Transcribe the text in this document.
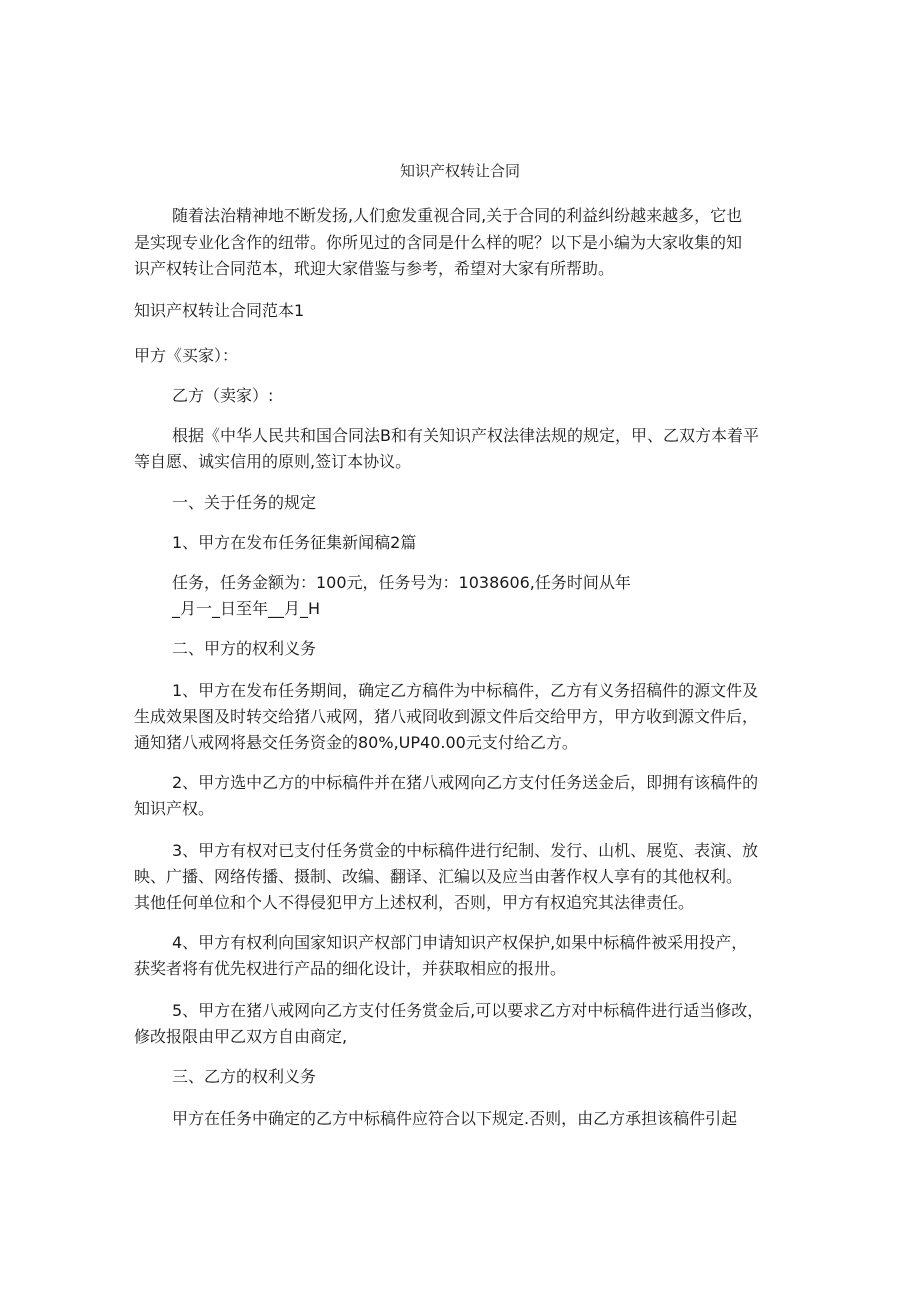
知识产权转让合同
随着法治精神地不断发扬,人们愈发重视合同,关于合同的利益纠纷越来越多，它也
是实现专业化含作的纽带。你所见过的含同是什么样的呢？以下是小编为大家收集的知
识产权转让合同范本，玳迎大家借鉴与参考，希望对大家有所帮助。
知识产权转让合同范本1
甲方《买家）：
乙方（卖家）:
根据《中华人民共和国合同法B和有关知识产权法律法规的规定，甲、乙双方本着平
等自愿、诚实信用的原则,签订本协议。
一、关于任务的规定
1、甲方在发布任务征集新闻稿2篇
任务，任务金额为：100元，任务号为：1038606,任务时间从年
_月一_日至年__月_H
二、甲方的权利义务
1、甲方在发布任务期间，确定乙方稿件为中标稿件，乙方有义务招稿件的源文件及
生成效果图及时转交给猪八戒网，猪八戒冏收到源文件后交给甲方，甲方收到源文件后，
通知猪八戒网将悬交任务资金的80%,UP40.00元支付给乙方。
2、甲方选中乙方的中标稿件并在猪八戒网向乙方支付任务送金后，即拥有该稿件的
知识产权。
3、甲方有权对已支付任务赏金的中标稿件进行纪制、发行、山机、展览、表演、放
映、广播、网络传播、摄制、改编、翻译、汇编以及应当由著作权人享有的其他权利。
其他任何单位和个人不得侵犯甲方上述权利，否则，甲方有权追究其法律责任。
4、甲方有权利向国家知识产权部门申请知识产权保护,如果中标稿件被采用投产，
获奖者将有优先权进行产品的细化设计，并获取相应的报卅。
5、甲方在猪八戒网向乙方支付任务赏金后,可以要求乙方对中标稿件进行适当修改，
修改报限由甲乙双方自由商定,
三、乙方的权利义务
甲方在任务中确定的乙方中标稿件应符合以下规定.否则，由乙方承担该稿件引起
